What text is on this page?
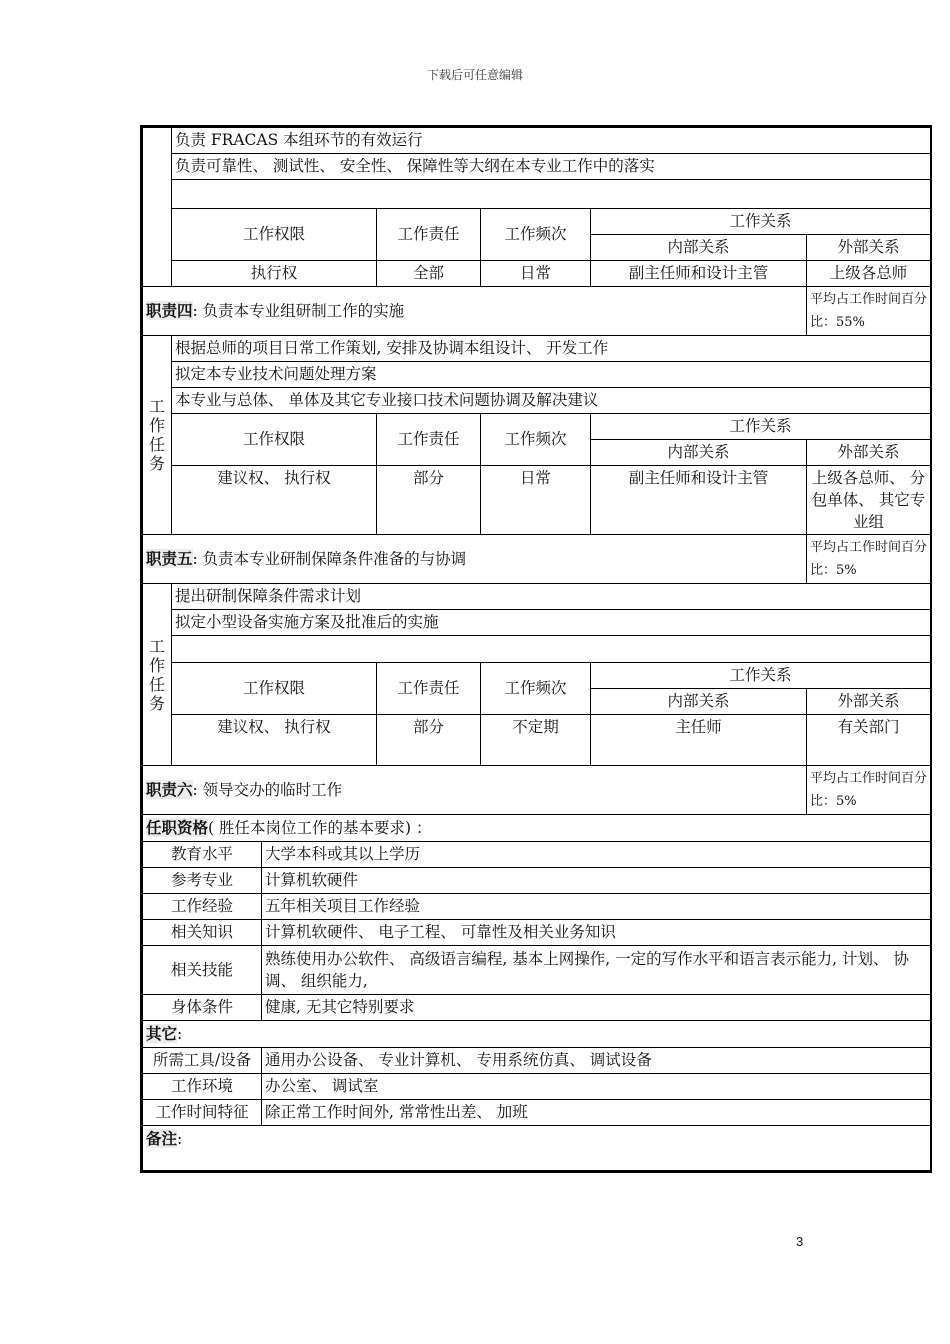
下载后可任意编辑
	负责 FRACAS 本组环节的有效运行					
	负责可靠性、 测试性、 安全性、 保障性等大纲在本专业工作中的落实					

	工作权限		工作责任	工作频次	工作关系	
					内部关系	外部关系
	执行权		全部	日常	副主任师和设计主管	上级各总师
职责四: 负责本专业组研制工作的实施						平均占工作时间百分比：55%

工作任务	根据总师的项目日常工作策划, 安排及协调本组设计、 开发工作					
	拟定本专业技术问题处理方案					
	本专业与总体、 单体及其它专业接口技术问题协调及解决建议					
	工作权限		工作责任	工作频次	工作关系	
					内部关系	外部关系
	建议权、 执行权		部分	日常	副主任师和设计主管	上级各总师、 分包单体、 其它专业组
职责五: 负责本专业研制保障条件准备的与协调						平均占工作时间百分比：5%

工作任务	提出研制保障条件需求计划					
	拟定小型设备实施方案及批准后的实施					

	工作权限		工作责任	工作频次	工作关系	
					内部关系	外部关系
	建议权、 执行权		部分	不定期	主任师	有关部门
职责六: 领导交办的临时工作						平均占工作时间百分比：5%
任职资格( 胜任本岗位工作的基本要求) ：						
教育水平		大学本科或其以上学历				
参考专业		计算机软硬件				
工作经验		五年相关项目工作经验				
相关知识		计算机软硬件、 电子工程、 可靠性及相关业务知识				
相关技能		熟练使用办公软件、 高级语言编程, 基本上网操作, 一定的写作水平和语言表示能力, 计划、 协调、 组织能力,				
身体条件		健康, 无其它特别要求				
其它:						
所需工具/设备		通用办公设备、 专业计算机、 专用系统仿真、 调试设备				
工作环境		办公室、 调试室				
工作时间特征		除正常工作时间外, 常常性出差、 加班				
备注:						
3
